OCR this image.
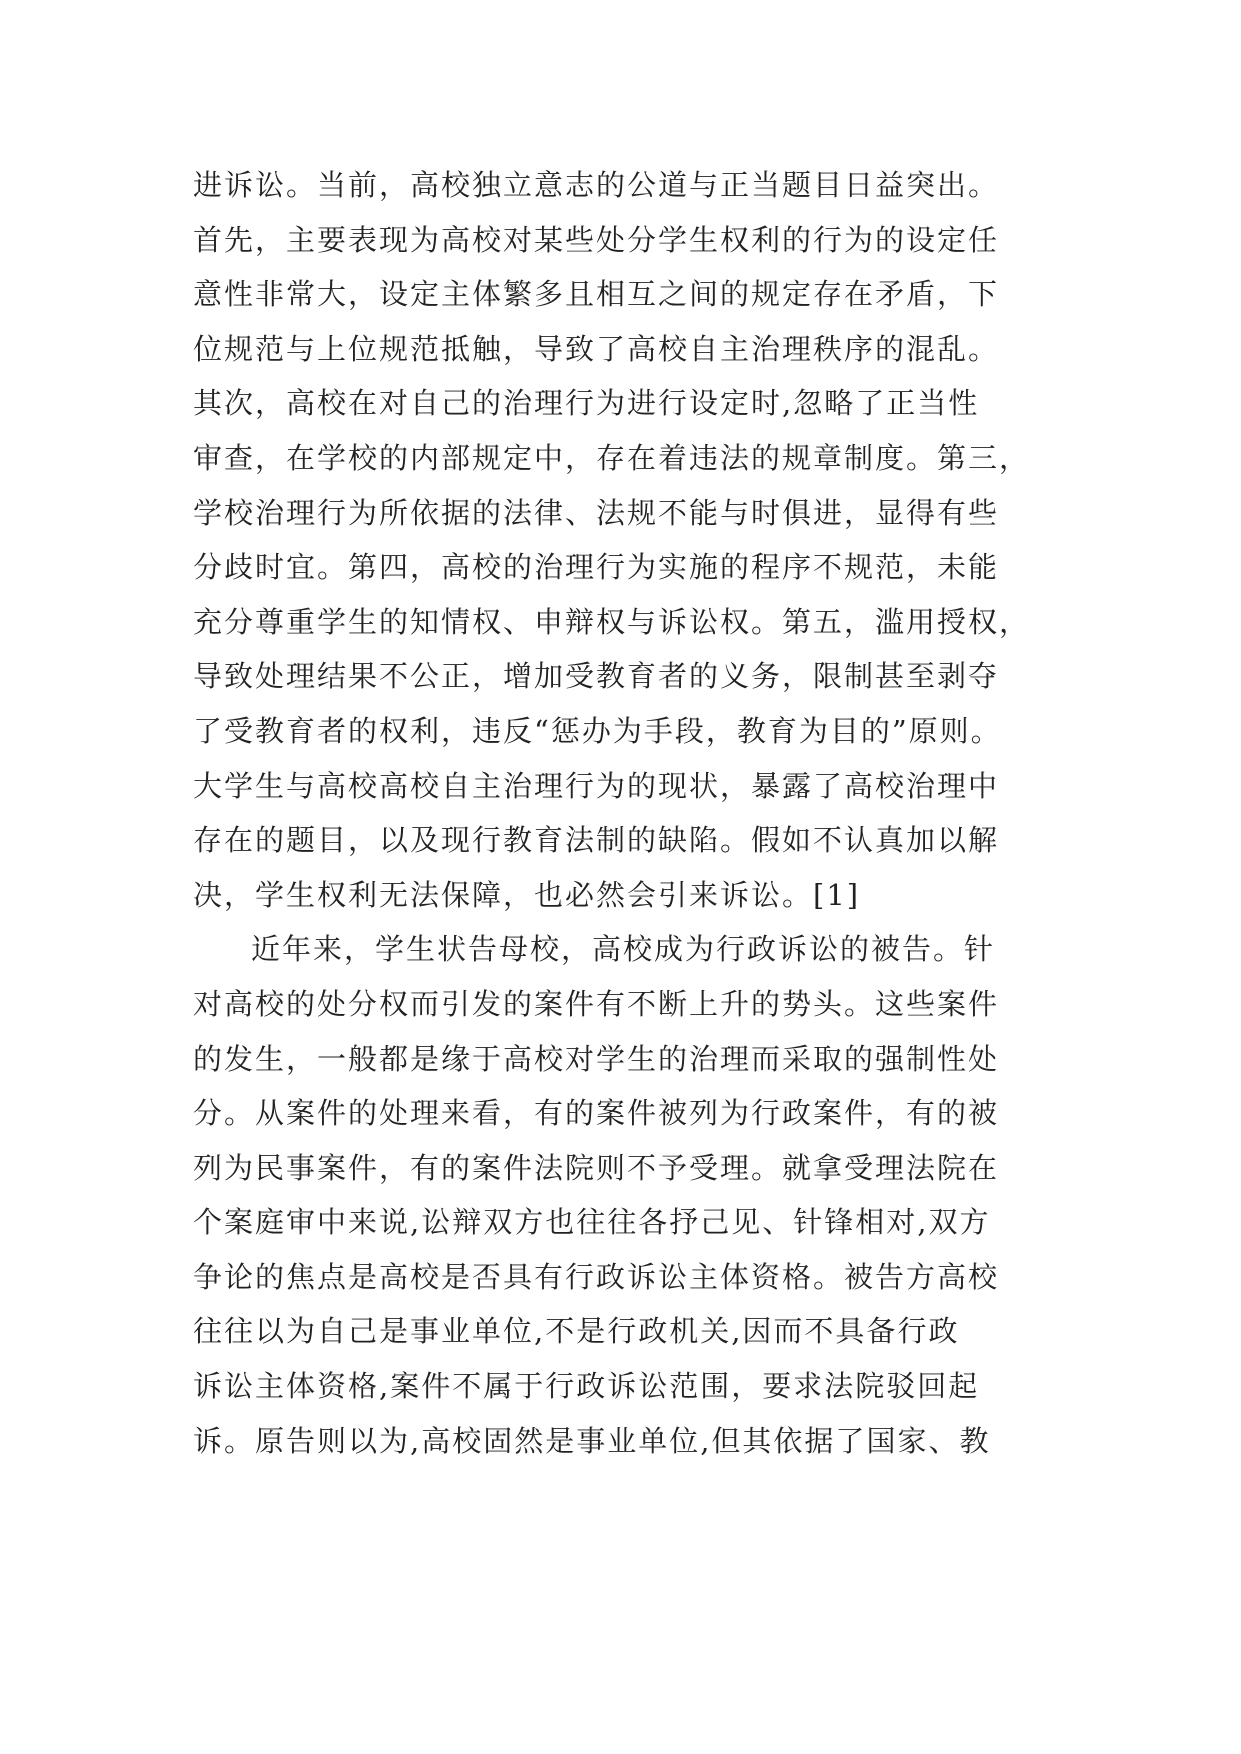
进诉讼。当前，高校独立意志的公道与正当题目日益突出。
首先，主要表现为高校对某些处分学生权利的行为的设定任
意性非常大，设定主体繁多且相互之间的规定存在矛盾，下
位规范与上位规范抵触，导致了高校自主治理秩序的混乱。
其次，高校在对自己的治理行为进行设定时,忽略了正当性
审查，在学校的内部规定中，存在着违法的规章制度。第三，
学校治理行为所依据的法律、法规不能与时俱进，显得有些
分歧时宜。第四，高校的治理行为实施的程序不规范，未能
充分尊重学生的知情权、申辩权与诉讼权。第五，滥用授权，
导致处理结果不公正，增加受教育者的义务，限制甚至剥夺
了受教育者的权利，违反“惩办为手段，教育为目的”原则。
大学生与高校高校自主治理行为的现状，暴露了高校治理中
存在的题目，以及现行教育法制的缺陷。假如不认真加以解
决，学生权利无法保障，也必然会引来诉讼。[1]
近年来，学生状告母校，高校成为行政诉讼的被告。针
对高校的处分权而引发的案件有不断上升的势头。这些案件
的发生，一般都是缘于高校对学生的治理而采取的强制性处
分。从案件的处理来看，有的案件被列为行政案件，有的被
列为民事案件，有的案件法院则不予受理。就拿受理法院在
个案庭审中来说,讼辩双方也往往各抒己见、针锋相对,双方
争论的焦点是高校是否具有行政诉讼主体资格。被告方高校
往往以为自己是事业单位,不是行政机关,因而不具备行政
诉讼主体资格,案件不属于行政诉讼范围，要求法院驳回起
诉。原告则以为,高校固然是事业单位,但其依据了国家、教
